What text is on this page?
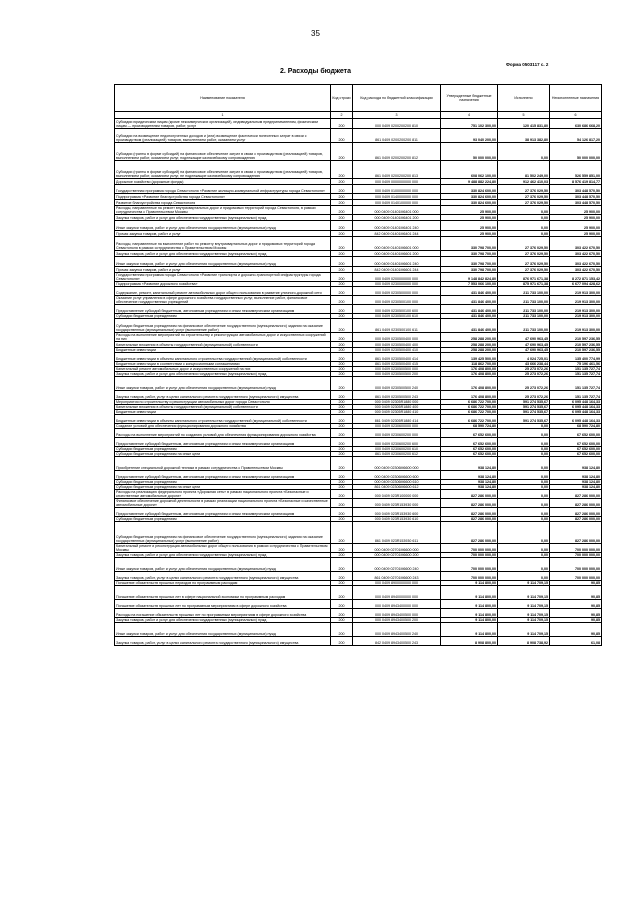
35
Форма 0503117 с. 2
2. Расходы бюджета
Наименование показателя	Код строки	Код расхода по бюджетной классификации	Утвержденные бюджетные назначения	Исполнено	Неисполненные назначения
1	2	3	4	5	6
Субсидии юридическим лицам (кроме некоммерческих организаций), индивидуальным предпринимателям, физическим лицам — производителям товаров, работ, услуг	200	000 0409 0200200200 810	751 102 300,00	120 415 831,80	630 686 668,20
Субсидии на возмещение недополученных доходов и (или) возмещение фактически понесенных затрат в связи с производством (реализацией) товаров, выполнением работ, оказанием услуг	200	861 0409 0200200200 811	93 040 200,00	38 913 382,80	54 126 817,20
Субсидии (гранты в форме субсидий) на финансовое обеспечение затрат в связи с производством (реализацией) товаров, выполнением работ, оказанием услуг, подлежащие казначейскому сопровождению	200	861 0409 0200200200 812	50 000 000,00	0,00	50 000 000,00
Субсидии (гранты в форме субсидий) на финансовое обеспечение затрат в связи с производством (реализацией) товаров, выполнением работ, оказанием услуг, не подлежащие казначейскому сопровождению	200	861 0409 0200200200 813	608 062 100,00	81 502 249,00	526 559 851,00
Дорожное хозяйство (дорожные фонды)	200	000 0409 0000000000 000	9 488 882 224,80	912 462 410,03	8 576 419 814,77
Государственная программа города Севастополя «Развитие жилищно-коммунальной инфраструктуры города Севастополя»	200	000 0409 0100000000 000	330 824 600,00	27 376 029,50	303 448 570,50
Подпрограмма «Развитие благоустройства города Севастополя»	200	000 0409 0140000000 000	330 824 600,00	27 376 029,50	303 448 570,50
Развитие благоустройства города Севастополя	200	000 0409 0140100000 000	330 824 600,00	27 376 029,50	303 448 570,50
Расходы, направленные на ремонт внутриквартальных дорог и придомовых территорий города Севастополя, в рамках сотрудничества с Правительством Москвы	200	000 0409 01401M6401 000	25 900,00	0,00	25 900,00
Закупка товаров, работ и услуг для обеспечения государственных (муниципальных) нужд	200	000 0409 01401M6401 200	25 900,00	0,00	25 900,00
Иные закупки товаров, работ и услуг для обеспечения государственных (муниципальных) нужд	200	000 0409 01401M6401 240	25 900,00	0,00	25 900,00
Прочая закупка товаров, работ и услуг	200	842 0409 01401M6401 244	25 900,00	0,00	25 900,00
Расходы, направленные на выполнение работ по ремонту внутриквартальных дорог и придомовых территорий города Севастополя в рамках сотрудничества с Правительством Москвы	200	000 0409 01401M6601 000	330 798 700,00	27 376 029,50	303 422 670,50
Закупка товаров, работ и услуг для обеспечения государственных (муниципальных) нужд	200	000 0409 01401M6601 200	330 798 700,00	27 376 029,50	303 422 670,50
Иные закупки товаров, работ и услуг для обеспечения государственных (муниципальных) нужд	200	000 0409 01401M6601 240	330 798 700,00	27 376 029,50	303 422 670,50
Прочая закупка товаров, работ и услуг	200	842 0409 01401M6601 244	330 798 700,00	27 376 029,50	303 422 670,50
Государственная программа города Севастополя «Развитие транспорта и дорожно-транспортной инфраструктуры города Севастополя»	200	000 0409 0200000000 000	9 148 842 824,80	876 971 671,38	8 272 871 153,42
Подпрограмма «Развитие дорожного хозяйства»	200	000 0409 0230000000 000	7 553 066 100,00	875 971 671,38	6 677 094 428,62
Содержание, ремонт, капитальный ремонт автомобильных дорог общего пользования в развитие уличного-дорожной сети	200	000 0409 0230500000 000	431 846 400,00	211 733 100,00	219 913 300,00
Оказание услуг управления в сфере дорожного хозяйства государственных услуг, выполнение работ, финансовое обеспечение государственных учреждений	200	000 0409 0230500100 000	431 846 400,00	211 733 100,00	219 913 300,00
Предоставление субсидий бюджетным, автономным учреждениям и иным некоммерческим организациям	200	000 0409 0230500100 600	431 846 400,00	211 733 100,00	219 913 300,00
Субсидии бюджетным учреждениям	200	000 0409 0230500100 610	431 846 400,00	211 733 100,00	219 913 300,00
Субсидии бюджетным учреждениям на финансовое обеспечение государственного (муниципального) задания на оказание государственных (муниципальных) услуг (выполнение работ)	200	861 0409 0230500100 611	431 846 400,00	211 733 100,00	219 913 300,00
Расходы на выполнение мероприятий по строительству и реконструкции автомобильных дорог и искусственных сооружений на них	200	000 0409 0230500400 000	258 288 200,00	47 690 963,45	210 597 236,55
Капитальные вложения в объекты государственной (муниципальной) собственности	200	000 0409 0230500400 400	258 288 200,00	47 690 963,45	210 597 236,55
Бюджетные инвестиции	200	000 0409 0230500400 410	258 288 200,00	47 690 963,45	210 597 236,55
Бюджетные инвестиции в объекты капитального строительства государственной (муниципальной) собственности	200	861 0409 0230500400 414	139 425 500,00	4 024 725,01	135 400 774,99
Бюджетные инвестиции в соответствии с концессионными соглашениями	200	861 0409 0230500400 415	118 862 700,00	43 666 238,44	75 196 461,56
Капитальный ремонт автомобильных дорог и искусственных сооружений на них	200	000 0409 0230500500 000	176 408 800,00	25 273 072,26	151 135 727,74
Закупка товаров, работ и услуг для обеспечения государственных (муниципальных) нужд	200	000 0409 0230500500 200	176 408 800,00	25 273 072,26	151 135 727,74
Иные закупки товаров, работ и услуг для обеспечения государственных (муниципальных) нужд	200	000 0409 0230500500 240	176 408 800,00	25 273 072,26	151 135 727,74
Закупка товаров, работ, услуг в целях капитального ремонта государственного (муниципального) имущества	200	861 0409 0230500500 243	176 408 800,00	25 273 072,26	151 135 727,74
Мероприятия по строительству и реконструкции автомобильных дорог города Севастополя	200	000 0409 02305R1880 000	6 686 722 700,00	591 274 535,67	6 095 448 164,33
Капитальные вложения в объекты государственной (муниципальной) собственности	200	000 0409 02305R1880 400	6 686 722 700,00	591 274 535,67	6 095 448 164,33
Бюджетные инвестиции	200	000 0409 02305R1880 410	6 686 722 700,00	591 274 535,67	6 095 448 164,33
Бюджетные инвестиции в объекты капитального строительства государственной (муниципальной) собственности	200	861 0409 02305R1880 414	6 686 722 700,00	591 274 535,67	6 095 448 164,33
Создание условий для обеспечения функционирования дорожного хозяйства	200	000 0409 0230600000 000	68 590 724,80	0,00	68 590 724,80
Расходы на выполнение мероприятий по созданию условий для обеспечения функционирования дорожного хозяйства	200	000 0409 0230600200 000	67 652 600,00	0,00	67 652 600,00
Предоставление субсидий бюджетным, автономным учреждениям и иным некоммерческим организациям	200	000 0409 0230600200 600	67 652 600,00	0,00	67 652 600,00
Субсидии бюджетным учреждениям	200	000 0409 0230600200 610	67 652 600,00	0,00	67 652 600,00
Субсидии бюджетным учреждениям на иные цели	200	861 0409 0230600200 612	67 652 600,00	0,00	67 652 600,00
Приобретение специальной дорожной техники в рамках сотрудничества с Правительством Москвы	200	000 0409 02306M6600 000	938 124,80	0,00	938 124,80
Предоставление субсидий бюджетным, автономным учреждениям и иным некоммерческим организациям	200	000 0409 02306M6600 600	938 124,80	0,00	938 124,80
Субсидии бюджетным учреждениям	200	000 0409 02306M6600 610	938 124,80	0,00	938 124,80
Субсидии бюджетным учреждениям на иные цели	200	861 0409 02306M6600 612	938 124,80	0,00	938 124,80
Расходы на реализацию федерального проекта «Дорожная сеть» в рамках национального проекта «Безопасные и качественные автомобильные дороги»	200	000 0409 023R100000 000	827 286 000,00	0,00	827 286 000,00
Финансовое обеспечение дорожной деятельности в рамках реализации национального проекта «Безопасные и качественные автомобильные дороги»	200	000 0409 023R153930 000	827 286 000,00	0,00	827 286 000,00
Предоставление субсидий бюджетным, автономным учреждениям и иным некоммерческим организациям	200	000 0409 023R153930 600	827 286 000,00	0,00	827 286 000,00
Субсидии бюджетным учреждениям	200	000 0409 023R153930 610	827 286 000,00	0,00	827 286 000,00
Субсидии бюджетным учреждениям на финансовое обеспечение государственного (муниципального) задания на оказание государственных (муниципальных) услуг (выполнение работ)	200	861 0409 023R153930 611	827 286 000,00	0,00	827 286 000,00
Капитальный ремонт и реконструкция автомобильных дорог общего пользования в рамках сотрудничества с Правительством Москвы	200	000 0409 02701M6600 000	700 000 000,00	0,00	700 000 000,00
Закупка товаров, работ и услуг для обеспечения государственных (муниципальных) нужд	200	000 0409 02701M6600 200	700 000 000,00	0,00	700 000 000,00
Иные закупки товаров, работ и услуг для обеспечения государственных (муниципальных) нужд	200	000 0409 02701M6600 240	700 000 000,00	0,00	700 000 000,00
Закупка товаров, работ, услуг в целях капитального ремонта государственного (муниципального) имущества	200	861 0409 02701M6600 243	700 000 000,00	0,00	700 000 000,00
Погашение обязательств прошлых периодов по программным расходам	200	000 0409 8900000000 000	9 114 800,00	9 114 709,15	90,85
Погашение обязательств прошлых лет в сфере национальной экономики по программным расходам	200	000 0409 8940000000 000	9 114 800,00	9 114 709,15	90,85
Погашение обязательств прошлых лет по программным мероприятиям в сфере дорожного хозяйства	200	000 0409 8943400000 000	9 114 800,00	9 114 709,15	90,85
Расходы на погашение обязательств прошлых лет по программным мероприятиям в сфере дорожного хозяйства	200	000 0409 8943400500 000	9 114 800,00	9 114 709,15	90,85
Закупка товаров, работ и услуг для обеспечения государственных (муниципальных) нужд	200	000 0409 8943400500 200	9 114 800,00	9 114 709,15	90,85
Иные закупки товаров, работ и услуг для обеспечения государственных (муниципальных) нужд	200	000 0409 8943400500 240	9 114 800,00	9 114 709,15	90,85
Закупка товаров, работ, услуг в целях капитального ремонта государственного (муниципального) имущества	200	842 0409 8943400500 243	8 908 800,00	8 908 738,92	61,08
